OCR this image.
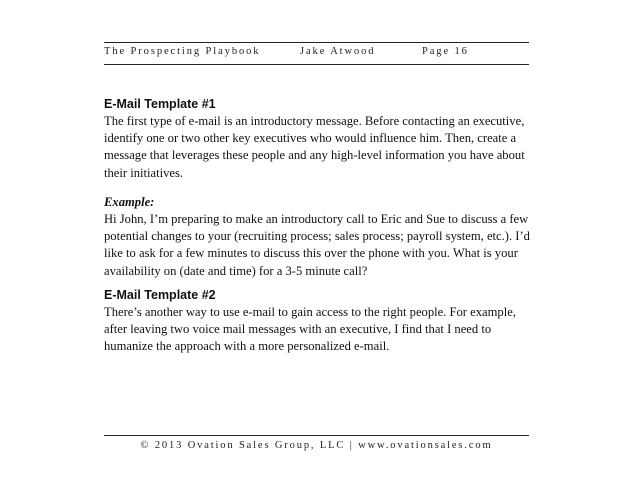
The Prospecting Playbook	Jake Atwood	Page 16

E-Mail Template #1

The first type of e-mail is an introductory message. Before contacting an executive, identify one or two other key executives who would influence him. Then, create a message that leverages these people and any high-level information you have about their initiatives.

Example:

Hi John, I’m preparing to make an introductory call to Eric and Sue to discuss a few potential changes to your (recruiting process; sales process; payroll system, etc.). I’d like to ask for a few minutes to discuss this over the phone with you. What is your availability on (date and time) for a 3-5 minute call?

E-Mail Template #2

There’s another way to use e-mail to gain access to the right people. For example, after leaving two voice mail messages with an executive, I find that I need to humanize the approach with a more personalized e-mail.

© 2013 Ovation Sales Group, LLC | www.ovationsales.com
